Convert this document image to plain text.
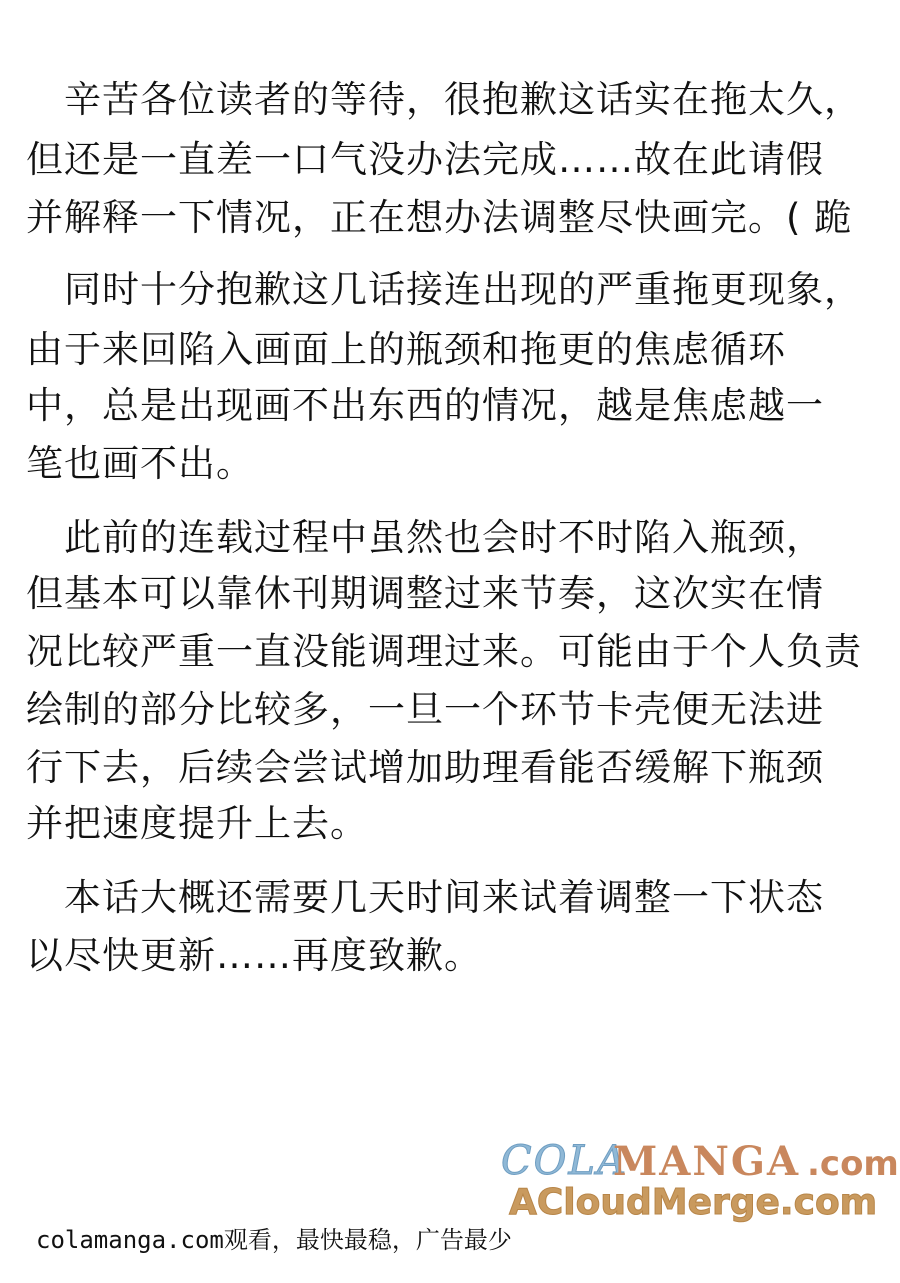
　辛苦各位读者的等待，很抱歉这话实在拖太久，
但还是一直差一口气没办法完成……故在此请假
并解释一下情况，正在想办法调整尽快画完。( 跪
　同时十分抱歉这几话接连出现的严重拖更现象，
由于来回陷入画面上的瓶颈和拖更的焦虑循环
中，总是出现画不出东西的情况，越是焦虑越一
笔也画不出。
　此前的连载过程中虽然也会时不时陷入瓶颈，
但基本可以靠休刊期调整过来节奏，这次实在情
况比较严重一直没能调理过来。可能由于个人负责
绘制的部分比较多，一旦一个环节卡壳便无法进
行下去，后续会尝试增加助理看能否缓解下瓶颈
并把速度提升上去。
　本话大概还需要几天时间来试着调整一下状态
以尽快更新……再度致歉。
COLA
MANGA .com
ACloudMerge.com
colamanga.com观看，最快最稳，广告最少
